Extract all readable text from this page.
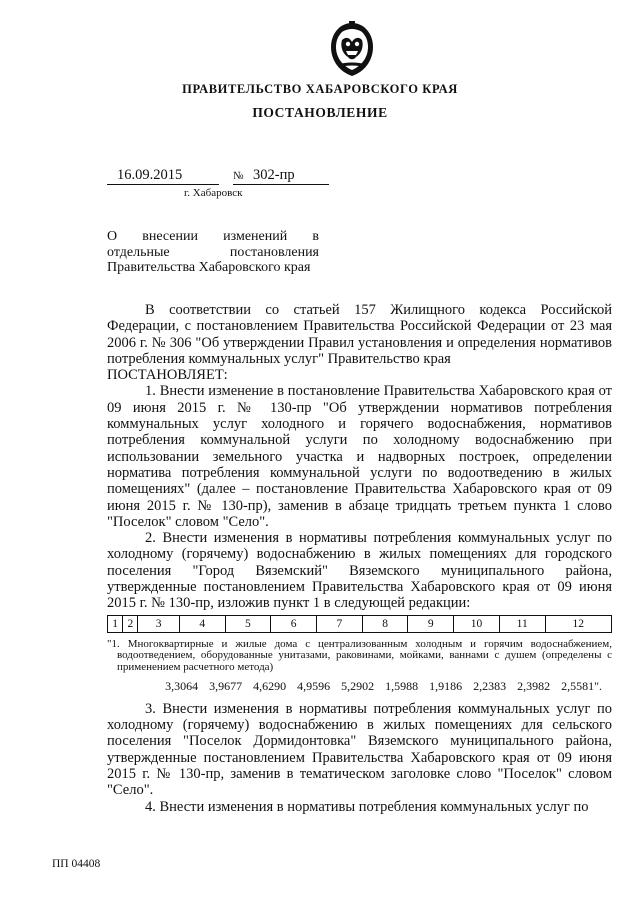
ПРАВИТЕЛЬСТВО ХАБАРОВСКОГО КРАЯ
ПОСТАНОВЛЕНИЕ
16.09.2015	№ 302-пр
г. Хабаровск
О внесении изменений в отдельные постановления Правительства Хабаровского края

В соответствии со статьей 157 Жилищного кодекса Российской Федерации, с постановлением Правительства Российской Федерации от 23 мая 2006 г. № 306 "Об утверждении Правил установления и определения нормативов потребления коммунальных услуг" Правительство края

ПОСТАНОВЛЯЕТ:

1. Внести изменение в постановление Правительства Хабаровского края от 09 июня 2015 г. № 130-пр "Об утверждении нормативов потребления коммунальных услуг холодного и горячего водоснабжения, нормативов потребления коммунальной услуги по холодному водоснабжению при использовании земельного участка и надворных построек, определении норматива потребления коммунальной услуги по водоотведению в жилых помещениях" (далее – постановление Правительства Хабаровского края от 09 июня 2015 г. № 130-пр), заменив в абзаце тридцать третьем пункта 1 слово "Поселок" словом "Село".

2. Внести изменения в нормативы потребления коммунальных услуг по холодному (горячему) водоснабжению в жилых помещениях для городского поселения "Город Вяземский" Вяземского муниципального района, утвержденные постановлением Правительства Хабаровского края от 09 июня 2015 г. № 130-пр, изложив пункт 1 в следующей редакции:

1	2	3	4	5	6	7	8	9	10	11	12
"1. Многоквартирные и жилые дома с централизованным холодным и горячим водоснабжением, водоотведением, оборудованные унитазами, раковинами, мойками, ваннами с душем (определены с применением расчетного метода)
3,3064 3,9677 4,6290 4,9596 5,2902 1,5988 1,9186 2,2383 2,3982 2,5581".

3. Внести изменения в нормативы потребления коммунальных услуг по холодному (горячему) водоснабжению в жилых помещениях для сельского поселения "Поселок Дормидонтовка" Вяземского муниципального района, утвержденные постановлением Правительства Хабаровского края от 09 июня 2015 г. № 130-пр, заменив в тематическом заголовке слово "Поселок" словом "Село".

4. Внести изменения в нормативы потребления коммунальных услуг по

ПП 04408
